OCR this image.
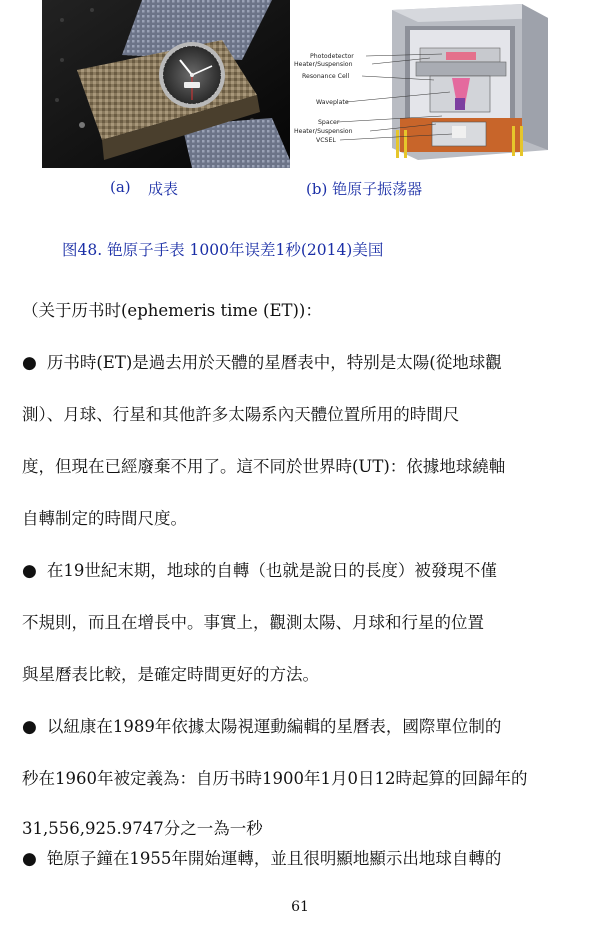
Photodetector
Heater/Suspension
Resonance Cell
Waveplate
Spacer
Heater/Suspension
VCSEL
(a) 成表	(b) 铯原子振荡器
图48. 铯原子手表 1000年误差1秒(2014)美国
（关于历书时(ephemeris time (ET))：
● 历书時(ET)是過去用於天體的星曆表中，特别是太陽(從地球觀
測）、月球、行星和其他許多太陽系內天體位置所用的時間尺
度，但現在已經廢棄不用了。這不同於世界時(UT)：依據地球繞軸
自轉制定的時間尺度。
● 在19世紀末期，地球的自轉（也就是說日的長度）被發現不僅
不規則，而且在增長中。事實上，觀測太陽、月球和行星的位置
與星曆表比較，是確定時間更好的方法。
● 以紐康在1989年依據太陽視運動編輯的星曆表，國際單位制的
秒在1960年被定義為：自历书時1900年1月0日12時起算的回歸年的
31,556,925.9747分之一為一秒
● 铯原子鐘在1955年開始運轉，並且很明顯地顯示出地球自轉的
61
